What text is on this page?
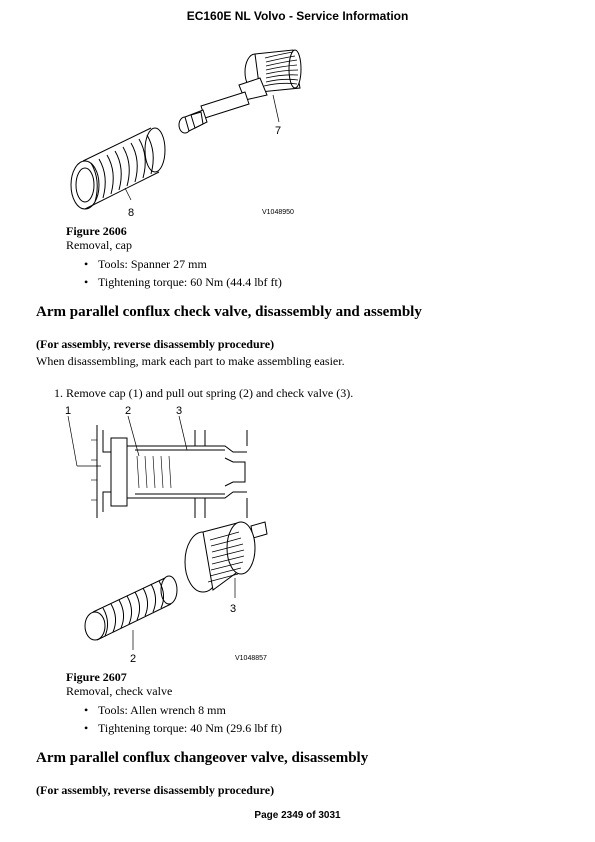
EC160E NL Volvo - Service Information
7
8	V1048950
Figure 2606
Removal, cap
• Tools: Spanner 27 mm
• Tightening torque: 60 Nm (44.4 lbf ft)
Arm parallel conflux check valve, disassembly and assembly
(For assembly, reverse disassembly procedure)
When disassembling, mark each part to make assembling easier.
1. Remove cap (1) and pull out spring (2) and check valve (3).
1	2	3
3
2	V1048857
Figure 2607
Removal, check valve
• Tools: Allen wrench 8 mm
• Tightening torque: 40 Nm (29.6 lbf ft)
Arm parallel conflux changeover valve, disassembly
(For assembly, reverse disassembly procedure)
Page 2349 of 3031
